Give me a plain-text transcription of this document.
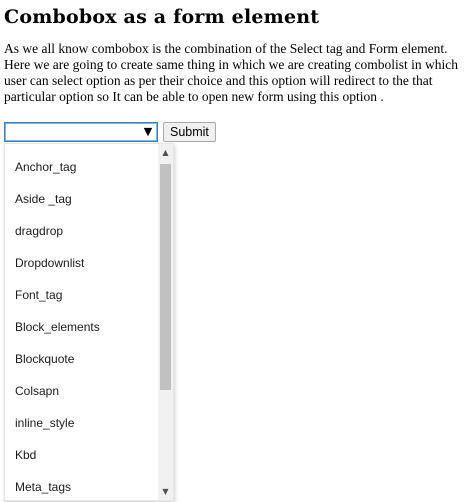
Combobox as a form element

As we all know combobox is the combination of the Select tag and Form element. Here we are going to create same thing in which we are creating combolist in which user can select option as per their choice and this option will redirect to the that particular option so It can be able to open new form using this option .

▼	Submit
Anchor_tag
Aside _tag
dragdrop
Dropdownlist
Font_tag
Block_elements
Blockquote
Colsapn
inline_style
Kbd
Meta_tags
▲
▼
